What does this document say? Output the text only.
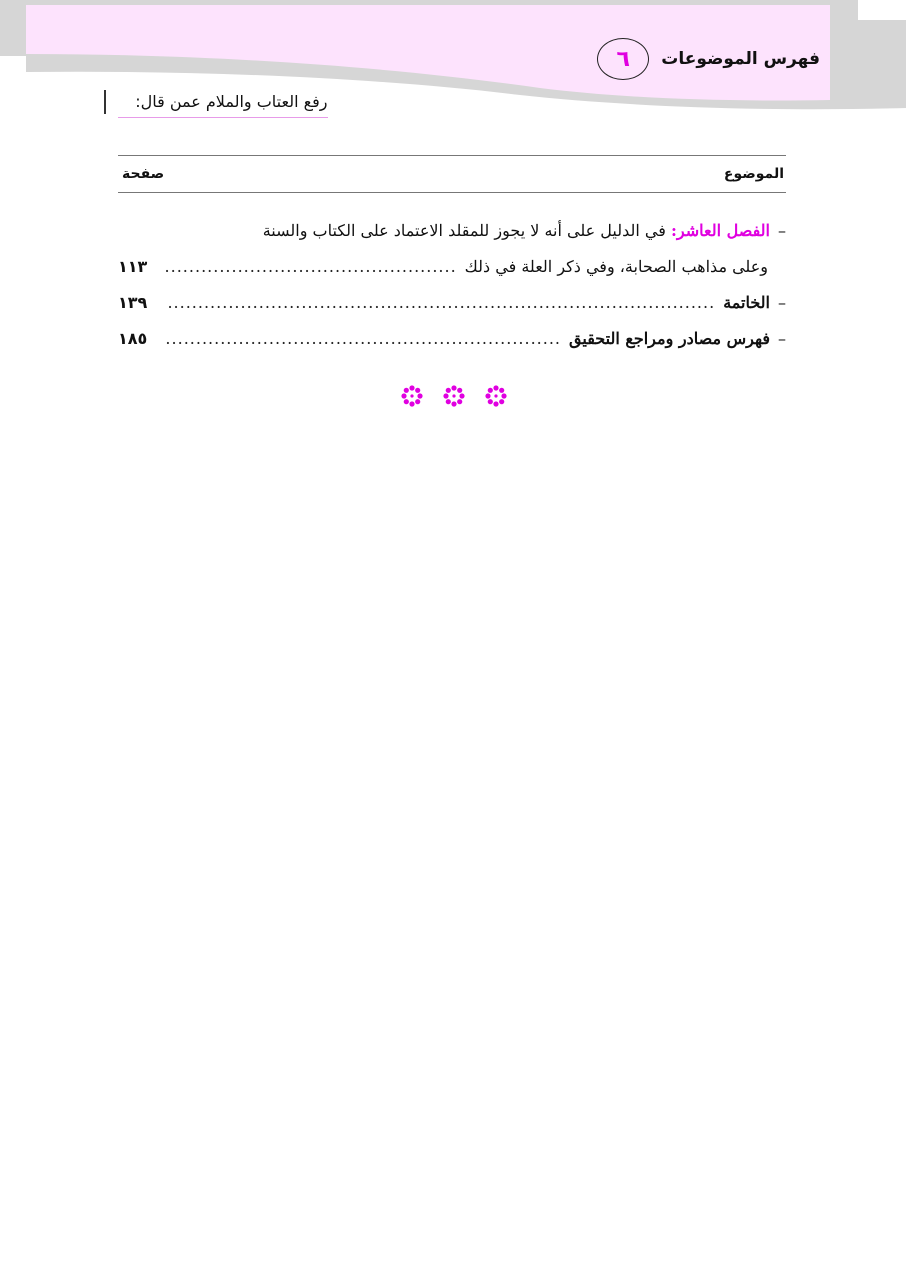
٦ فهرس الموضوعات
رفع العتاب والملام عمن قال:
الموضوع
صفحة
–
الفصل العاشر:

في الدليل على أنه لا يجوز للمقلد الاعتماد على الكتاب والسنة
وعلى مذاهب الصحابة، وفي ذكر العلة في ذلك
.....
١١٣
–
الخاتمة
.....
١٣٩
–
فهرس مصادر ومراجع التحقيق
.....
١٨٥
